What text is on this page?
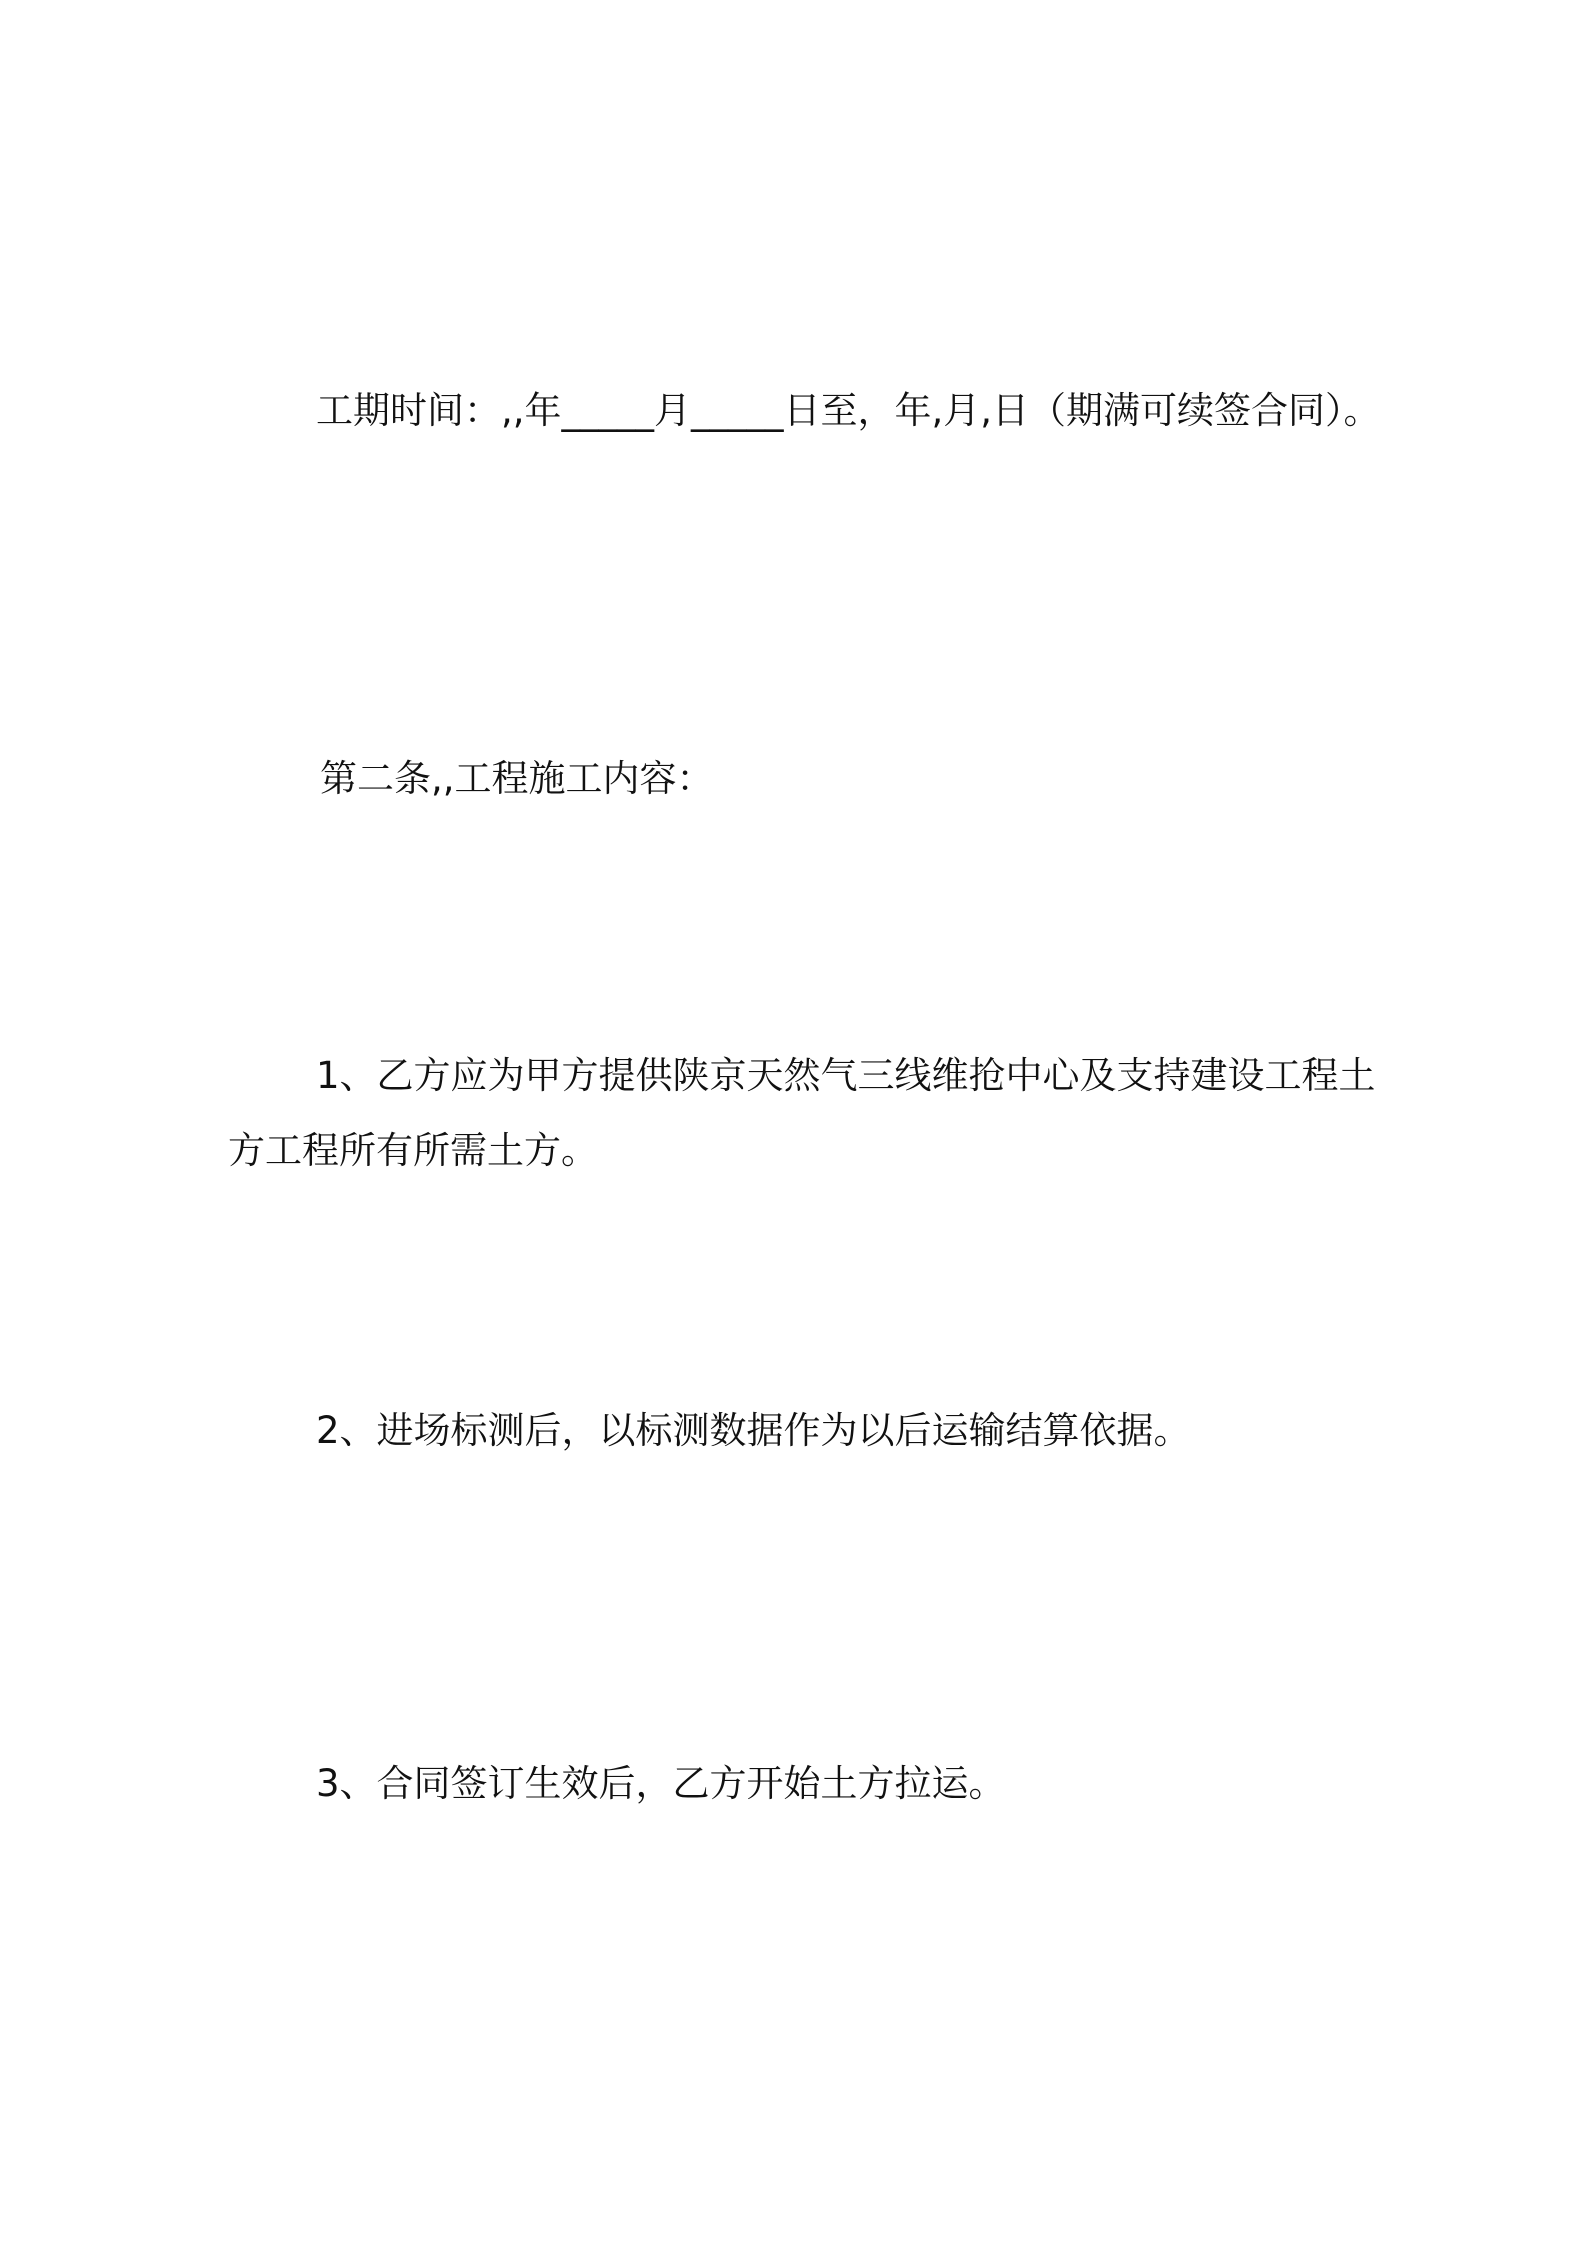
工期时间：,,年_____月_____日至，年,月,日（期满可续签合同）。

第二条,,工程施工内容：

1、乙方应为甲方提供陕京天然气三线维抢中心及支持建设工程土

方工程所有所需土方。

2、进场标测后，以标测数据作为以后运输结算依据。

3、合同签订生效后，乙方开始土方拉运。
